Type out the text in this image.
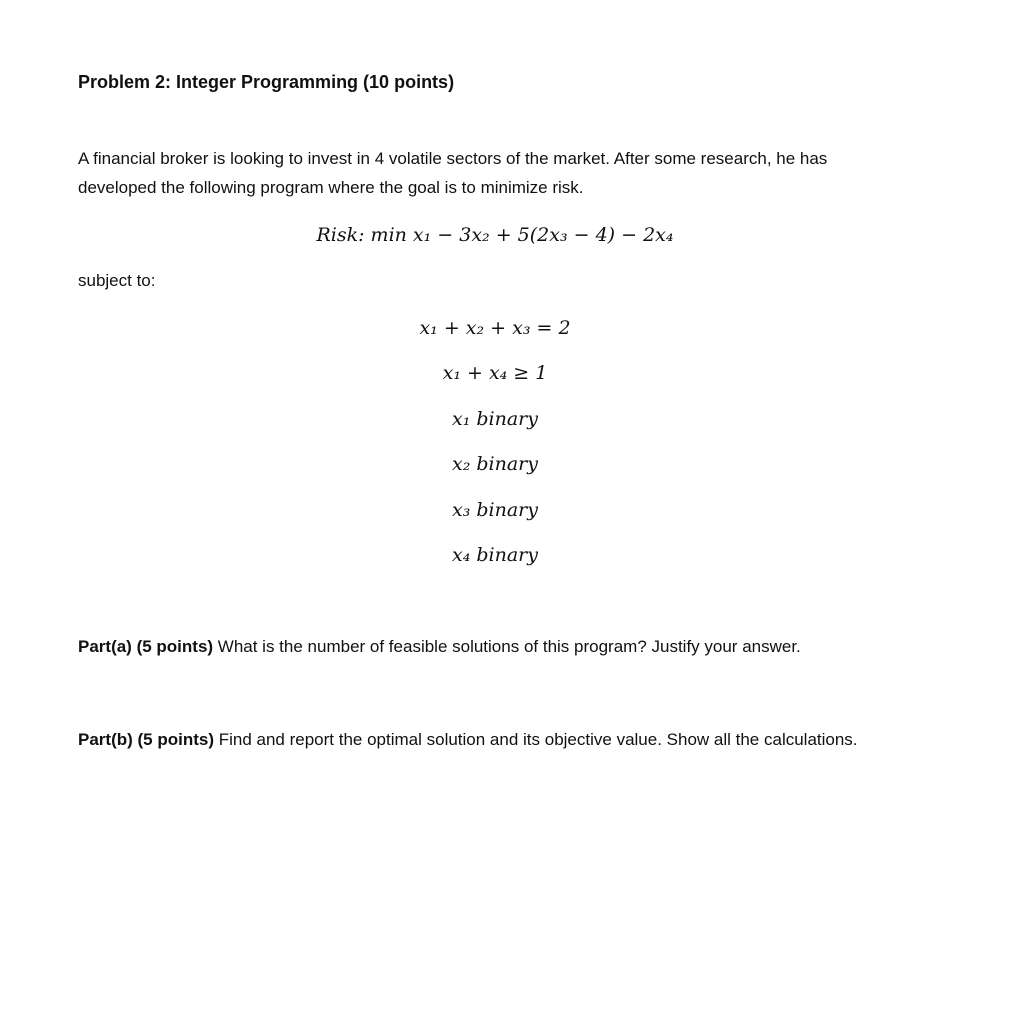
Problem 2: Integer Programming (10 points)
A financial broker is looking to invest in 4 volatile sectors of the market. After some research, he has developed the following program where the goal is to minimize risk.
Risk: min x₁ − 3x₂ + 5(2x₃ − 4) − 2x₄
subject to:
x₁ + x₂ + x₃ = 2
x₁ + x₄ ≥ 1
x₁ binary
x₂ binary
x₃ binary
x₄ binary
Part(a) (5 points) What is the number of feasible solutions of this program? Justify your answer.
Part(b) (5 points) Find and report the optimal solution and its objective value. Show all the calculations.
